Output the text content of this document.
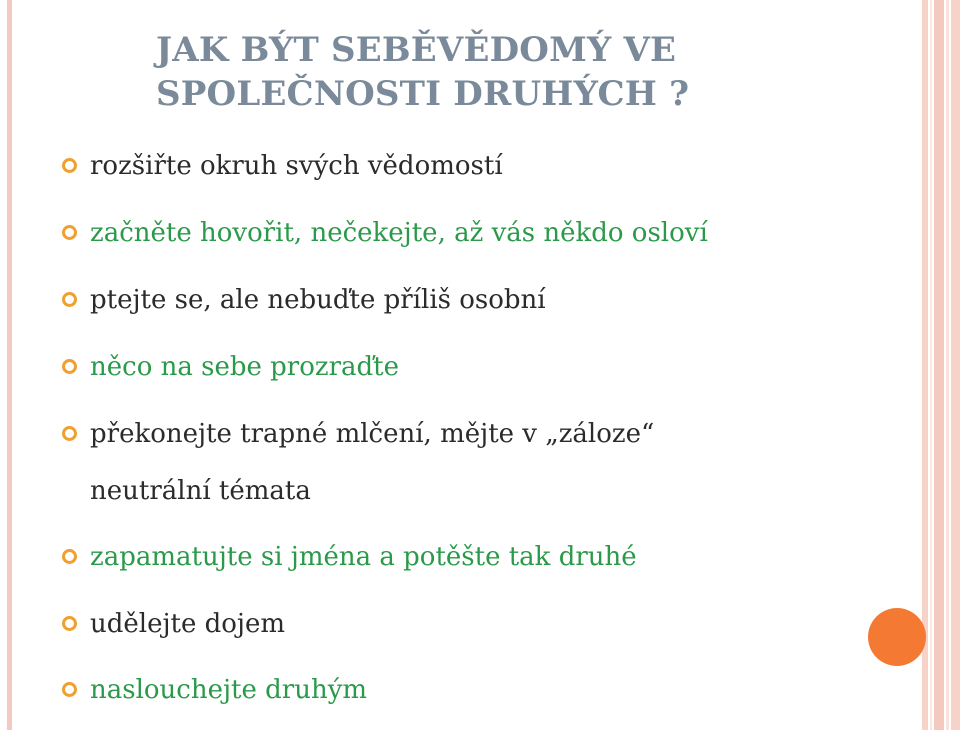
JAK BÝT SEBĚVĚDOMÝ VE
SPOLEČNOSTI DRUHÝCH ?
rozšiřte okruh svých vědomostí
začněte hovořit, nečekejte, až vás někdo osloví
ptejte se, ale nebuďte příliš osobní
něco na sebe prozraďte
překonejte trapné mlčení, mějte v „záloze“
neutrální témata
zapamatujte si jména a potěšte tak druhé
udělejte dojem
naslouchejte druhým
